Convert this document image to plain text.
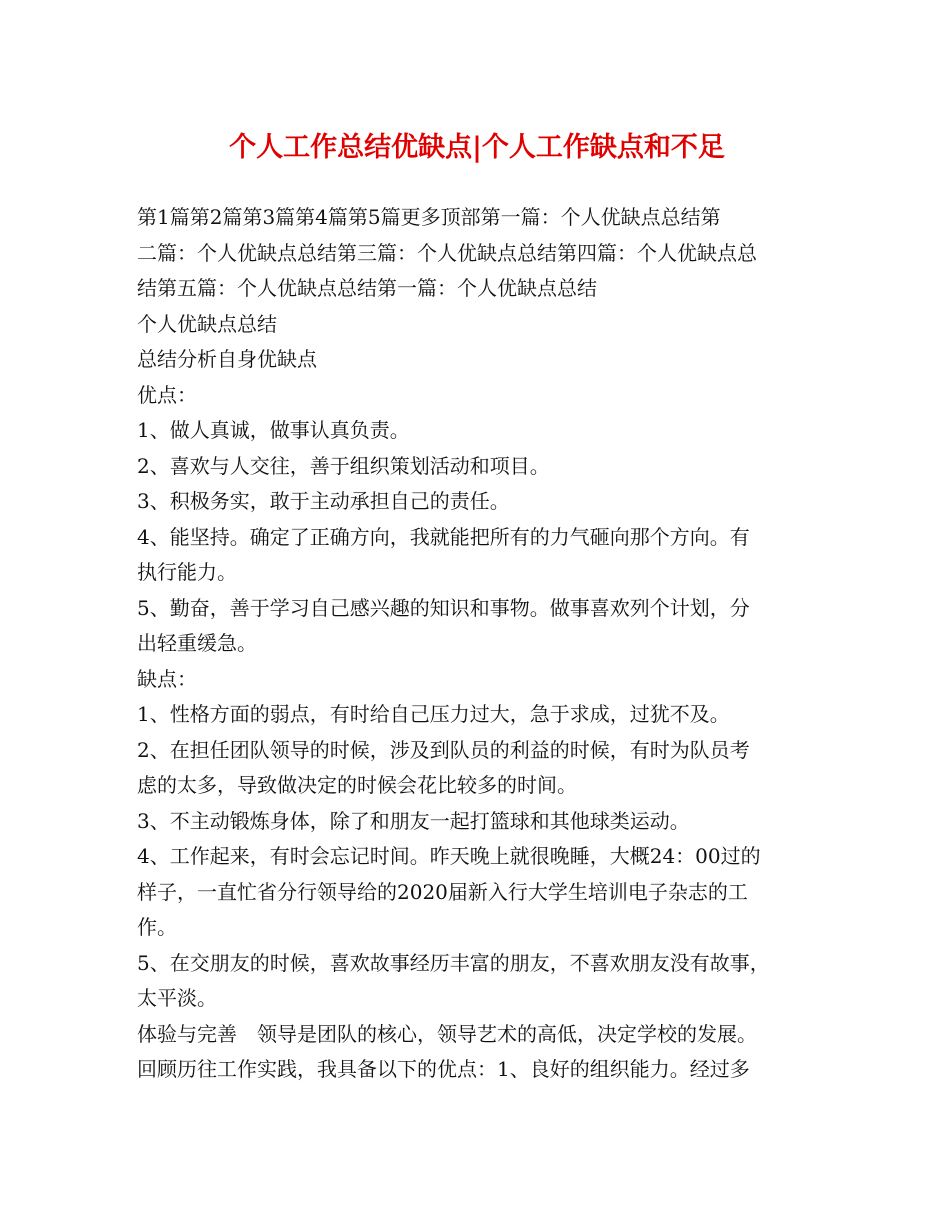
个人工作总结优缺点|个人工作缺点和不足
第1篇第2篇第3篇第4篇第5篇更多顶部第一篇：个人优缺点总结第
二篇：个人优缺点总结第三篇：个人优缺点总结第四篇：个人优缺点总
结第五篇：个人优缺点总结第一篇：个人优缺点总结
个人优缺点总结
总结分析自身优缺点
优点：
1、做人真诚，做事认真负责。
2、喜欢与人交往，善于组织策划活动和项目。
3、积极务实，敢于主动承担自己的责任。
4、能坚持。确定了正确方向，我就能把所有的力气砸向那个方向。有
执行能力。
5、勤奋，善于学习自己感兴趣的知识和事物。做事喜欢列个计划，分
出轻重缓急。
缺点：
1、性格方面的弱点，有时给自己压力过大，急于求成，过犹不及。
2、在担任团队领导的时候，涉及到队员的利益的时候，有时为队员考
虑的太多，导致做决定的时候会花比较多的时间。
3、不主动锻炼身体，除了和朋友一起打篮球和其他球类运动。
4、工作起来，有时会忘记时间。昨天晚上就很晚睡，大概24：00过的
样子，一直忙省分行领导给的2020届新入行大学生培训电子杂志的工
作。
5、在交朋友的时候，喜欢故事经历丰富的朋友，不喜欢朋友没有故事，
太平淡。
体验与完善　领导是团队的核心，领导艺术的高低，决定学校的发展。
回顾历往工作实践，我具备以下的优点：1、良好的组织能力。经过多
